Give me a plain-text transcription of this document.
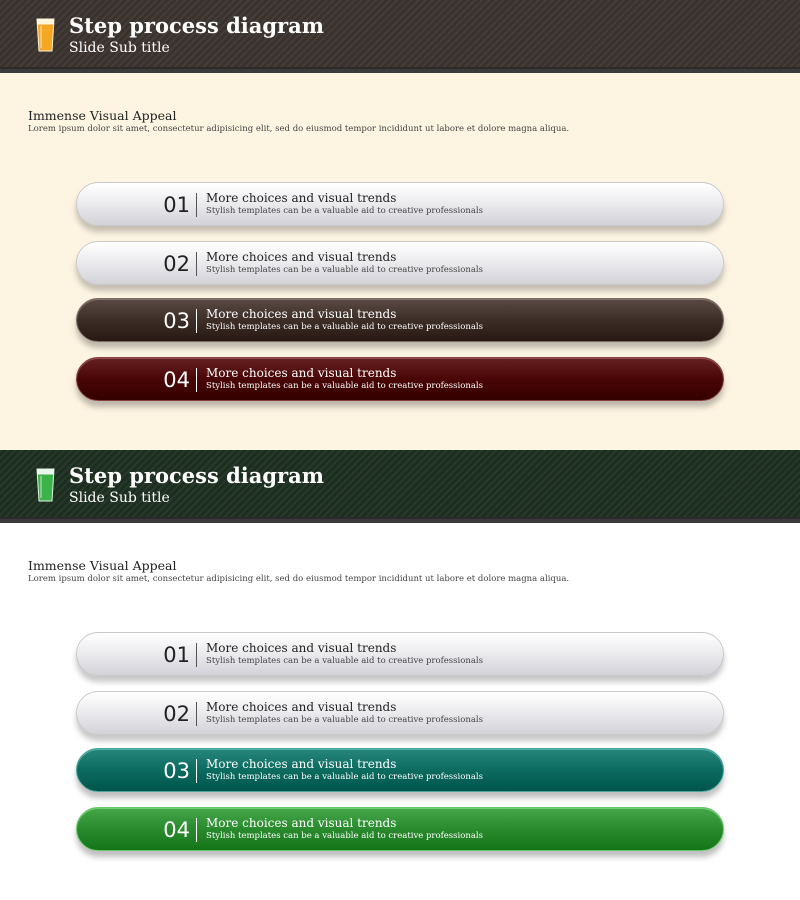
Step process diagram
Slide Sub title
Immense Visual Appeal
Lorem ipsum dolor sit amet, consectetur adipisicing elit, sed do eiusmod tempor incididunt ut labore et dolore magna aliqua.
01 More choices and visual trends
Stylish templates can be a valuable aid to creative professionals
02 More choices and visual trends
Stylish templates can be a valuable aid to creative professionals
03 More choices and visual trends
Stylish templates can be a valuable aid to creative professionals
04 More choices and visual trends
Stylish templates can be a valuable aid to creative professionals
Step process diagram
Slide Sub title
Immense Visual Appeal
Lorem ipsum dolor sit amet, consectetur adipisicing elit, sed do eiusmod tempor incididunt ut labore et dolore magna aliqua.
01 More choices and visual trends
Stylish templates can be a valuable aid to creative professionals
02 More choices and visual trends
Stylish templates can be a valuable aid to creative professionals
03 More choices and visual trends
Stylish templates can be a valuable aid to creative professionals
04 More choices and visual trends
Stylish templates can be a valuable aid to creative professionals
